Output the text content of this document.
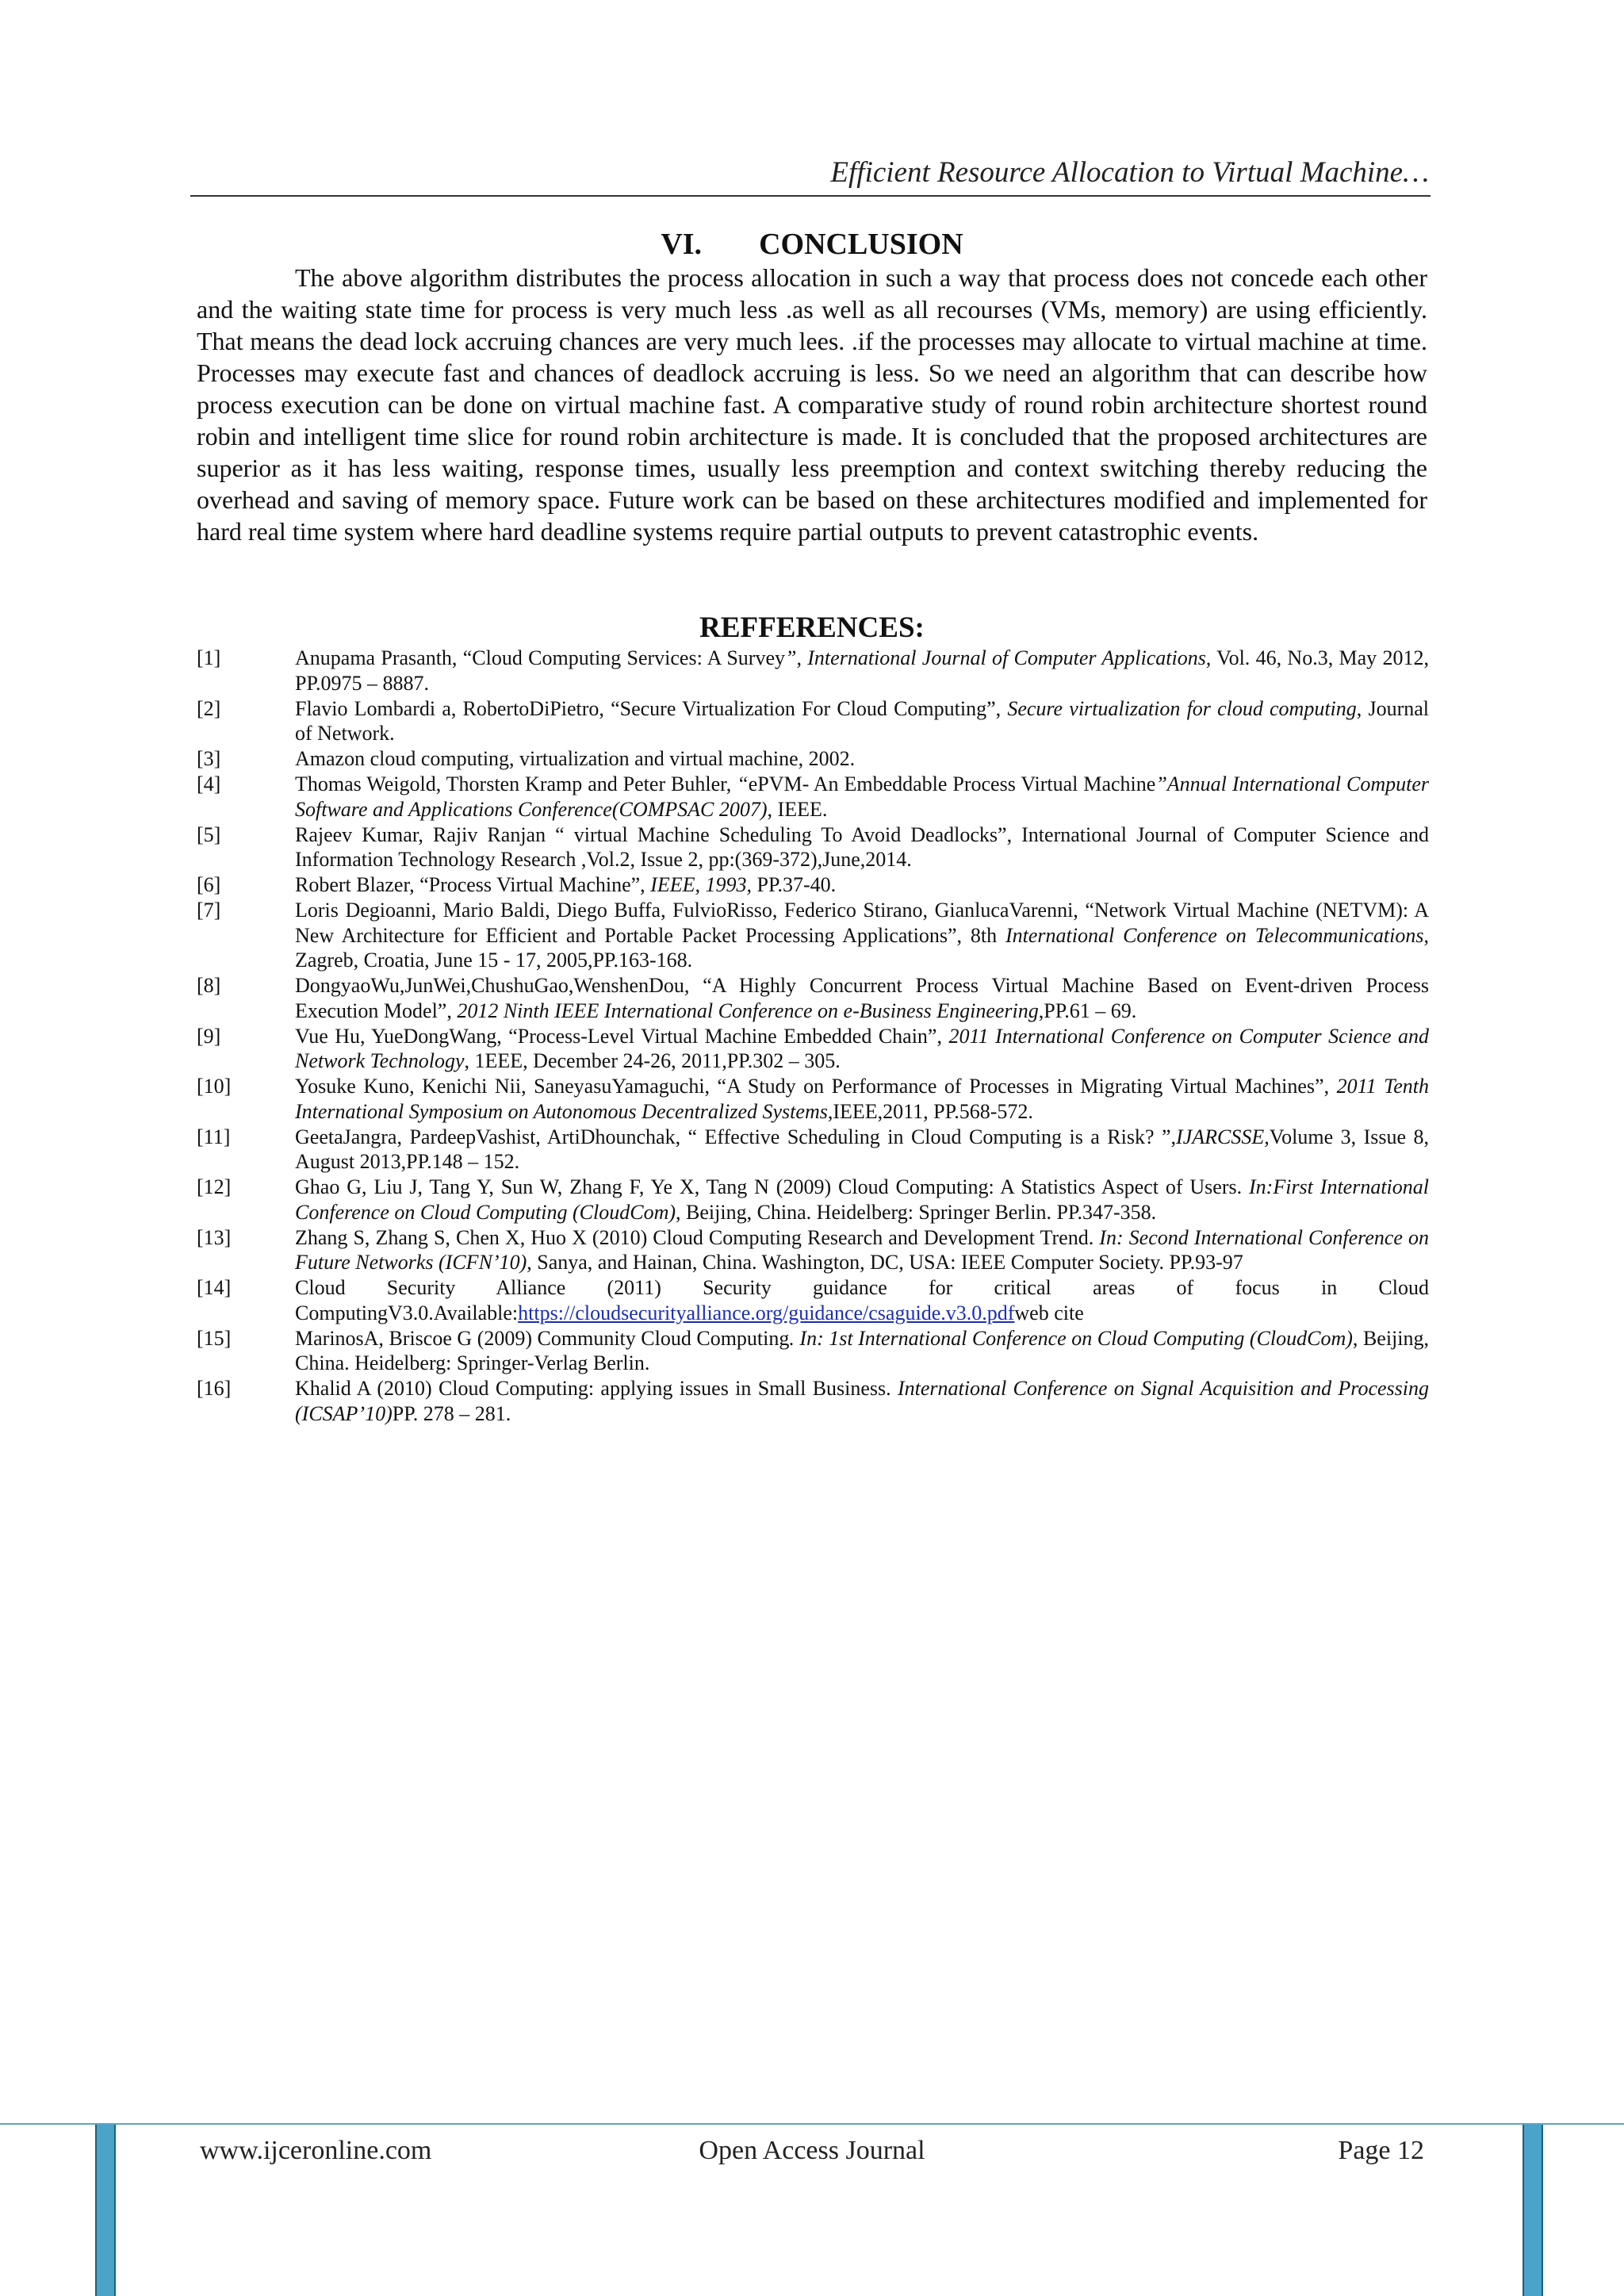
Efficient Resource Allocation to Virtual Machine…
VI. CONCLUSION

The above algorithm distributes the process allocation in such a way that process does not concede each other and the waiting state time for process is very much less .as well as all recourses (VMs, memory) are using efficiently. That means the dead lock accruing chances are very much lees. .if the processes may allocate to virtual machine at time. Processes may execute fast and chances of deadlock accruing is less. So we need an algorithm that can describe how process execution can be done on virtual machine fast. A comparative study of round robin architecture shortest round robin and intelligent time slice for round robin architecture is made. It is concluded that the proposed architectures are superior as it has less waiting, response times, usually less preemption and context switching thereby reducing the overhead and saving of memory space. Future work can be based on these architectures modified and implemented for hard real time system where hard deadline systems require partial outputs to prevent catastrophic events.

REFFERENCES:
[1]	Anupama Prasanth, “Cloud Computing Services: A Survey”, International Journal of Computer Applications, Vol. 46, No.3, May 2012, PP.0975 – 8887.
[2]	Flavio Lombardi a, RobertoDiPietro, “Secure Virtualization For Cloud Computing”, Secure virtualization for cloud computing, Journal of Network.
[3]	Amazon cloud computing, virtualization and virtual machine, 2002.
[4]	Thomas Weigold, Thorsten Kramp and Peter Buhler, “ePVM- An Embeddable Process Virtual Machine”Annual International Computer Software and Applications Conference(COMPSAC 2007), IEEE.
[5]	Rajeev Kumar, Rajiv Ranjan “ virtual Machine Scheduling To Avoid Deadlocks”, International Journal of Computer Science and Information Technology Research ,Vol.2, Issue 2, pp:(369-372),June,2014.
[6]	Robert Blazer, “Process Virtual Machine”, IEEE, 1993, PP.37-40.
[7]	Loris Degioanni, Mario Baldi, Diego Buffa, FulvioRisso, Federico Stirano, GianlucaVarenni, “Network Virtual Machine (NETVM): A New Architecture for Efficient and Portable Packet Processing Applications”, 8th International Conference on Telecommunications, Zagreb, Croatia, June 15 - 17, 2005,PP.163-168.
[8]	DongyaoWu,JunWei,ChushuGao,WenshenDou, “A Highly Concurrent Process Virtual Machine Based on Event-driven Process Execution Model”, 2012 Ninth IEEE International Conference on e-Business Engineering,PP.61 – 69.
[9]	Vue Hu, YueDongWang, “Process-Level Virtual Machine Embedded Chain”, 2011 International Conference on Computer Science and Network Technology, 1EEE, December 24-26, 2011,PP.302 – 305.
[10]	Yosuke Kuno, Kenichi Nii, SaneyasuYamaguchi, “A Study on Performance of Processes in Migrating Virtual Machines”, 2011 Tenth International Symposium on Autonomous Decentralized Systems,IEEE,2011, PP.568-572.
[11]	GeetaJangra, PardeepVashist, ArtiDhounchak, “ Effective Scheduling in Cloud Computing is a Risk? ”,IJARCSSE,Volume 3, Issue 8, August 2013,PP.148 – 152.
[12]	Ghao G, Liu J, Tang Y, Sun W, Zhang F, Ye X, Tang N (2009) Cloud Computing: A Statistics Aspect of Users. In:First International Conference on Cloud Computing (CloudCom), Beijing, China. Heidelberg: Springer Berlin. PP.347-358.
[13]	Zhang S, Zhang S, Chen X, Huo X (2010) Cloud Computing Research and Development Trend. In: Second International Conference on Future Networks (ICFN’10), Sanya, and Hainan, China. Washington, DC, USA: IEEE Computer Society. PP.93-97
[14]	Cloud Security Alliance (2011) Security guidance for critical areas of focus in Cloud ComputingV3.0.Available:https://cloudsecurityalliance.org/guidance/csaguide.v3.0.pdfweb cite
[15]	MarinosA, Briscoe G (2009) Community Cloud Computing. In: 1st International Conference on Cloud Computing (CloudCom), Beijing, China. Heidelberg: Springer-Verlag Berlin.
[16]	Khalid A (2010) Cloud Computing: applying issues in Small Business. International Conference on Signal Acquisition and Processing (ICSAP’10)PP. 278 – 281.
www.ijceronline.com	Open Access Journal	Page 12
